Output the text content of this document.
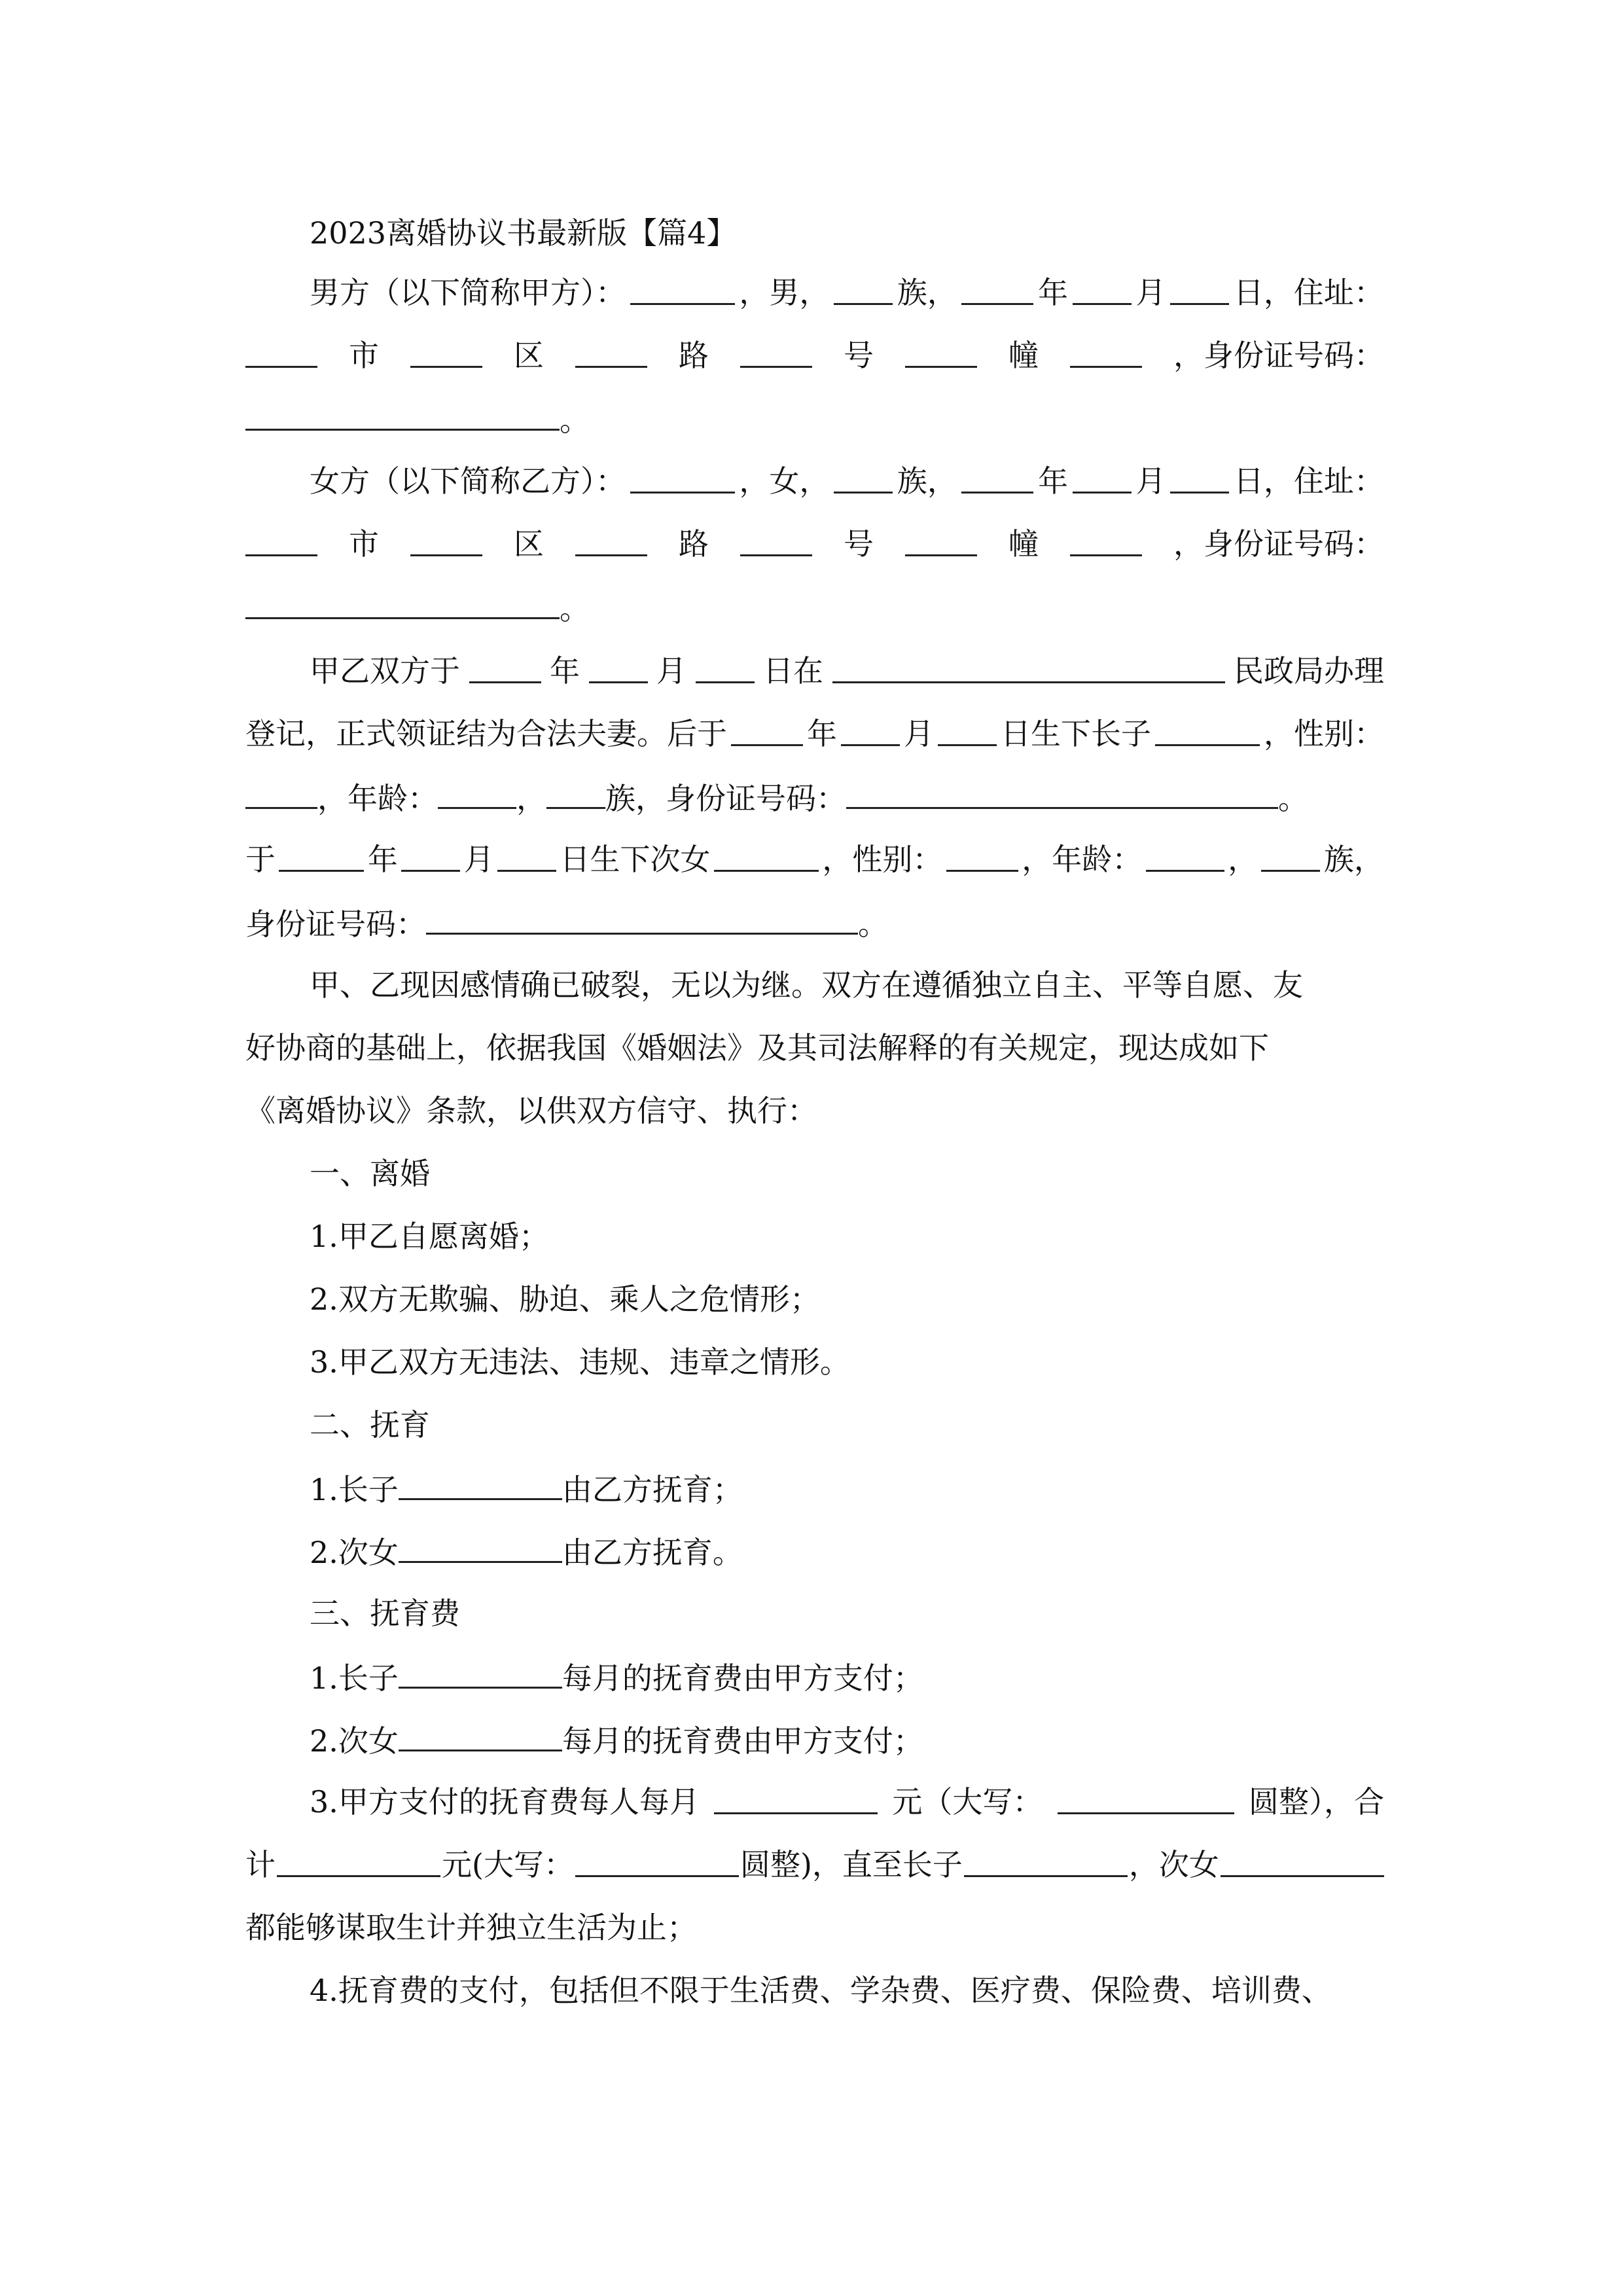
2023离婚协议书最新版【篇4】
男方（以下简称甲方）：	，男， 族，	年 月 日，住址：
市	区	路	号	幢	，身份证号码：
。
女方（以下简称乙方）：	，女， 族，	年 月 日，住址：
市	区	路	号	幢	，身份证号码：
。
甲乙双方于	年	月	日在	民政局办理
登记，正式领证结为合法夫妻。后于	年 月 日生下长子	，性别：
，年龄：	， 族，身份证号码：	。
于	年 月 日生下次女	，性别：	，年龄：	， 族，
身份证号码：	。
甲、乙现因感情确已破裂，无以为继。双方在遵循独立自主、平等自愿、友
好协商的基础上，依据我国《婚姻法》及其司法解释的有关规定，现达成如下
《离婚协议》条款，以供双方信守、执行：
一、离婚
1.甲乙自愿离婚；
2.双方无欺骗、胁迫、乘人之危情形；
3.甲乙双方无违法、违规、违章之情形。
二、抚育
1.长子	由乙方抚育；
2.次女	由乙方抚育。
三、抚育费
1.长子	每月的抚育费由甲方支付；
2.次女	每月的抚育费由甲方支付；
3.甲方支付的抚育费每人每月	元（大写：	圆整），合
计	元(大写：	圆整)，直至长子	，次女
都能够谋取生计并独立生活为止；
4.抚育费的支付，包括但不限于生活费、学杂费、医疗费、保险费、培训费、
